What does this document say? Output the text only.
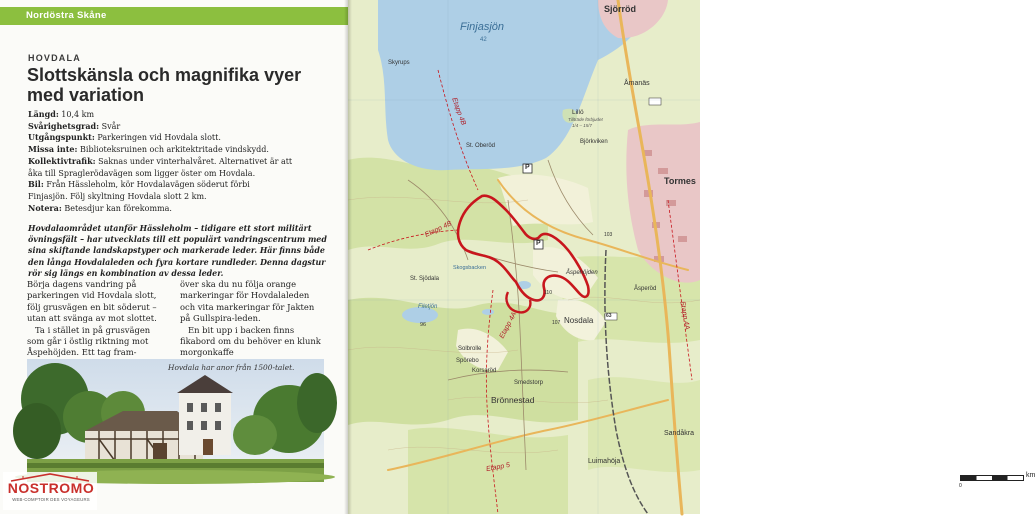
Nordöstra Skåne
HOVDALA
Slottskänsla och magnifika vyer med variation
Längd: 10,4 km
Svårighetsgrad: Svår
Utgångspunkt: Parkeringen vid Hovdala slott.
Missa inte: Biblioteksruinen och arkitektritade vindskydd.
Kollektivtrafik: Saknas under vinterhalvåret. Alternativet är att
åka till Spraglerödavägen som ligger öster om Hovdala.
Bil: Från Hässleholm, kör Hovdalavägen söderut förbi
Finjasjön. Följ skyltning Hovdala slott 2 km.
Notera: Betesdjur kan förekomma.
Hovdalaområdet utanför Hässleholm – tidigare ett stort militärt övningsfält – har utvecklats till ett populärt vandringscentrum med sina skiftande landskapstyper och markerade leder. Här finns både den långa Hovdalaleden och fyra kortare rundleder. Denna dagstur rör sig längs en kombination av dessa leder.

Börja dagens vandring på parkeringen vid Hovdala slott, följ grusvägen en bit söderut – utan att svänga av mot slottet.

Ta i stället in på grusvägen som går i östlig riktning mot Åspehöjden. Ett tag fram-

över ska du nu följa orange markeringar för Hovdalaleden och vita markeringar för Jakten på Gullspira-leden.

En bit upp i backen finns fikabord om du behöver en klunk morgonkaffe

Hovdala har anor från 1500-talet.
NOSTROMO
WEB-COMPTOIR DES VOYAGEURS
Finjasjön
42
Sjörröd
Åmanäs
Tormes
Lillö
Tillträde förbjudet
1/4 – 15/7
Björkviken
St. Oberöd
Skyrups
Etapp 4B
Etapp 4B
Etapp 4A	Etapp 4A
Etapp 5
Åspehöjden
Skogsbacken
St. Sjödala
Filetjön
96	Nosdala
Korsaröd
Smedstorp
Brönnestad
Luimahöja
Sandåkra
Solbrolle
Spörebo
Åsperöd
107
103
110
63
P
P
km
0
